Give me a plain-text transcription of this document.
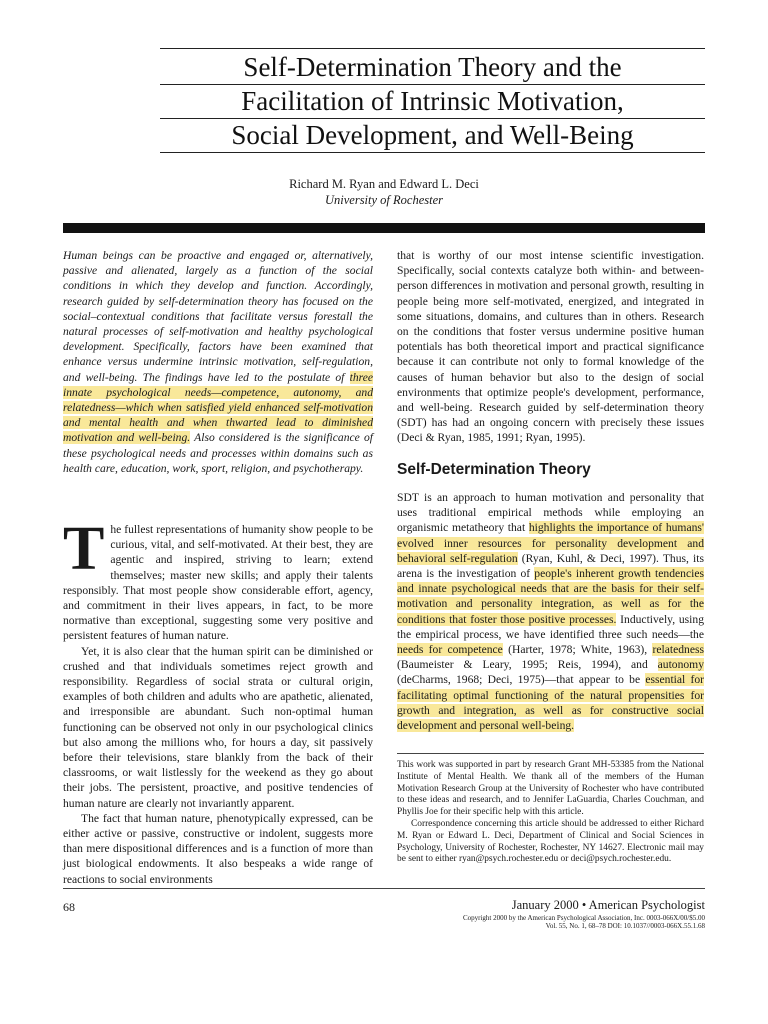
Self-Determination Theory and the
Facilitation of Intrinsic Motivation,
Social Development, and Well-Being
Richard M. Ryan and Edward L. Deci
University of Rochester
Human beings can be proactive and engaged or, alternatively, passive and alienated, largely as a function of the social conditions in which they develop and function. Accordingly, research guided by self-determination theory has focused on the social–contextual conditions that facilitate versus forestall the natural processes of self-motivation and healthy psychological development. Specifically, factors have been examined that enhance versus undermine intrinsic motivation, self-regulation, and well-being. The findings have led to the postulate of three innate psychological needs—competence, autonomy, and relatedness—which when satisfied yield enhanced self-motivation and mental health and when thwarted lead to diminished motivation and well-being. Also considered is the significance of these psychological needs and processes within domains such as health care, education, work, sport, religion, and psychotherapy.

The fullest representations of humanity show people to be curious, vital, and self-motivated. At their best, they are agentic and inspired, striving to learn; extend themselves; master new skills; and apply their talents responsibly. That most people show considerable effort, agency, and commitment in their lives appears, in fact, to be more normative than exceptional, suggesting some very positive and persistent features of human nature.

Yet, it is also clear that the human spirit can be diminished or crushed and that individuals sometimes reject growth and responsibility. Regardless of social strata or cultural origin, examples of both children and adults who are apathetic, alienated, and irresponsible are abundant. Such non-optimal human functioning can be observed not only in our psychological clinics but also among the millions who, for hours a day, sit passively before their televisions, stare blankly from the back of their classrooms, or wait listlessly for the weekend as they go about their jobs. The persistent, proactive, and positive tendencies of human nature are clearly not invariantly apparent.

The fact that human nature, phenotypically expressed, can be either active or passive, constructive or indolent, suggests more than mere dispositional differences and is a function of more than just biological endowments. It also bespeaks a wide range of reactions to social environments

that is worthy of our most intense scientific investigation. Specifically, social contexts catalyze both within- and between-person differences in motivation and personal growth, resulting in people being more self-motivated, energized, and integrated in some situations, domains, and cultures than in others. Research on the conditions that foster versus undermine positive human potentials has both theoretical import and practical significance because it can contribute not only to formal knowledge of the causes of human behavior but also to the design of social environments that optimize people's development, performance, and well-being. Research guided by self-determination theory (SDT) has had an ongoing concern with precisely these issues (Deci & Ryan, 1985, 1991; Ryan, 1995).

Self-Determination Theory

SDT is an approach to human motivation and personality that uses traditional empirical methods while employing an organismic metatheory that highlights the importance of humans' evolved inner resources for personality development and behavioral self-regulation (Ryan, Kuhl, & Deci, 1997). Thus, its arena is the investigation of people's inherent growth tendencies and innate psychological needs that are the basis for their self-motivation and personality integration, as well as for the conditions that foster those positive processes. Inductively, using the empirical process, we have identified three such needs—the needs for competence (Harter, 1978; White, 1963), relatedness (Baumeister & Leary, 1995; Reis, 1994), and autonomy (deCharms, 1968; Deci, 1975)—that appear to be essential for facilitating optimal functioning of the natural propensities for growth and integration, as well as for constructive social development and personal well-being.

This work was supported in part by research Grant MH-53385 from the National Institute of Mental Health. We thank all of the members of the Human Motivation Research Group at the University of Rochester who have contributed to these ideas and research, and to Jennifer LaGuardia, Charles Couchman, and Phyllis Joe for their specific help with this article.

Correspondence concerning this article should be addressed to either Richard M. Ryan or Edward L. Deci, Department of Clinical and Social Sciences in Psychology, University of Rochester, Rochester, NY 14627. Electronic mail may be sent to either ryan@psych.rochester.edu or deci@psych.rochester.edu.

68	January 2000 • American Psychologist
Copyright 2000 by the American Psychological Association, Inc. 0003-066X/00/$5.00
Vol. 55, No. 1, 68–78 DOI: 10.1037//0003-066X.55.1.68
